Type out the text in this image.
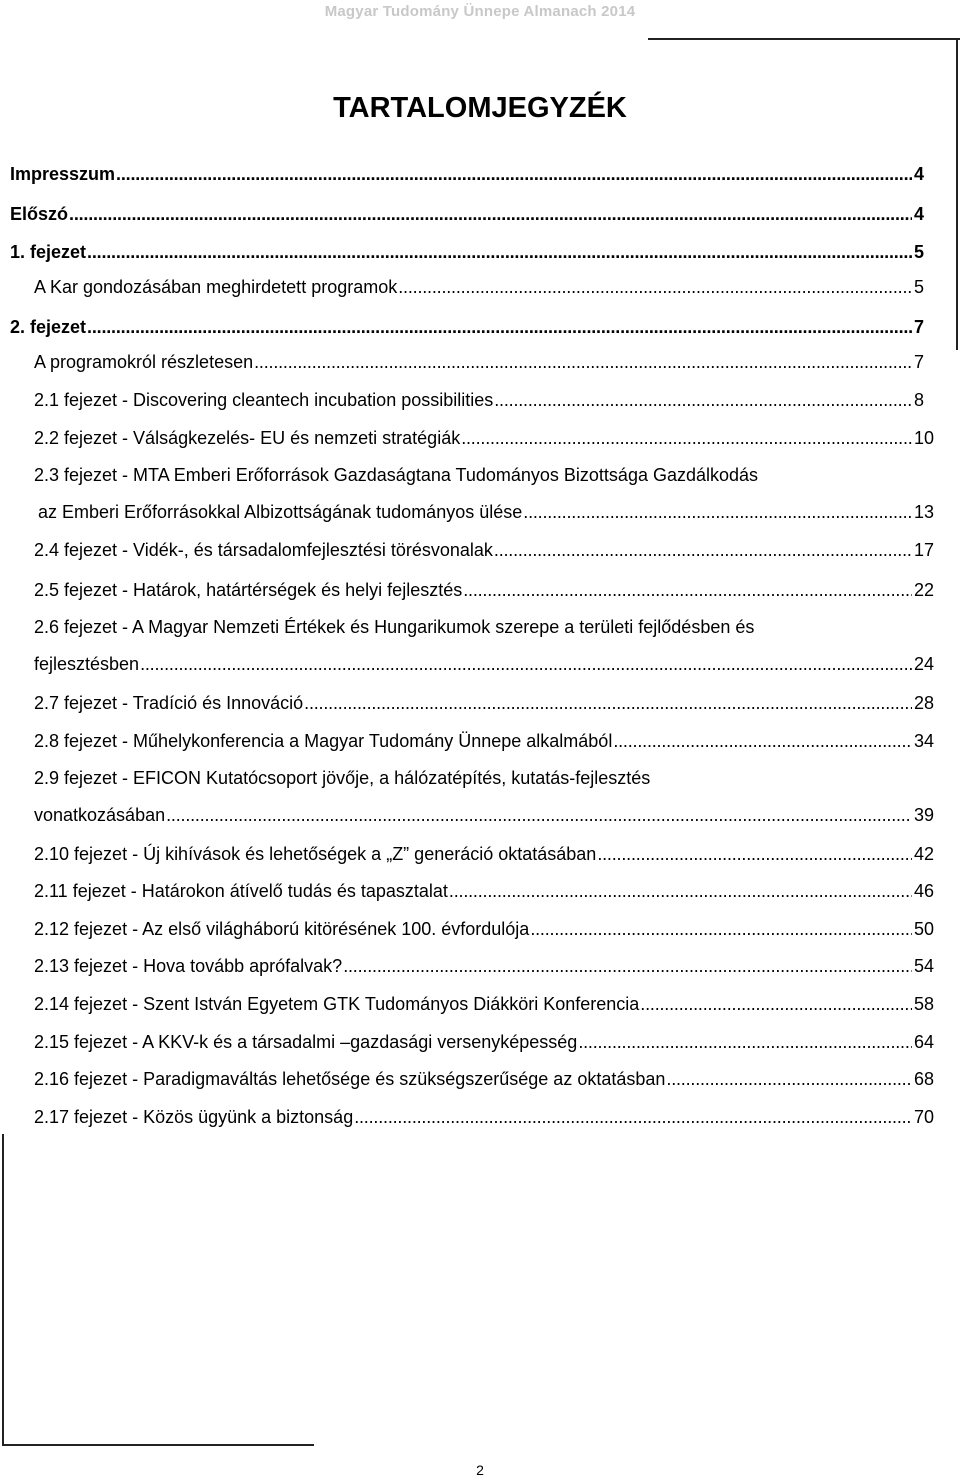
Magyar Tudomány Ünnepe Almanach 2014
TARTALOMJEGYZÉK
Impresszum . . .	4
Előszó . . .	4
1. fejezet . . .	5
A Kar gondozásában meghirdetett programok . . .	5
2. fejezet . . .	7
A programokról részletesen . . .	7
2.1 fejezet - Discovering cleantech incubation possibilities . . .	8
2.2 fejezet - Válságkezelés- EU és nemzeti stratégiák . . .	10
2.3 fejezet - MTA Emberi Erőforrások Gazdaságtana Tudományos Bizottsága Gazdálkodás
az Emberi Erőforrásokkal Albizottságának tudományos ülése . . .	13
2.4 fejezet - Vidék-, és társadalomfejlesztési törésvonalak . . .	17
2.5 fejezet - Határok, határtérségek és helyi fejlesztés . . .	22
2.6 fejezet - A Magyar Nemzeti Értékek és Hungarikumok szerepe a területi fejlődésben és
fejlesztésben . . .	24
2.7 fejezet - Tradíció és Innováció . . .	28
2.8 fejezet - Műhelykonferencia a Magyar Tudomány Ünnepe alkalmából . . .	34
2.9 fejezet - EFICON Kutatócsoport jövője, a hálózatépítés, kutatás-fejlesztés
vonatkozásában . . .	39
2.10 fejezet - Új kihívások és lehetőségek a „Z” generáció oktatásában . . .	42
2.11 fejezet - Határokon átívelő tudás és tapasztalat . . .	46
2.12 fejezet - Az első világháború kitörésének 100. évfordulója . . .	50
2.13 fejezet - Hova tovább aprófalvak? . . .	54
2.14 fejezet - Szent István Egyetem GTK Tudományos Diákköri Konferencia . . .	58
2.15 fejezet - A KKV-k és a társadalmi –gazdasági versenyképesség . . .	64
2.16 fejezet - Paradigmaváltás lehetősége és szükségszerűsége az oktatásban . . .	68
2.17 fejezet - Közös ügyünk a biztonság . . .	70
2
